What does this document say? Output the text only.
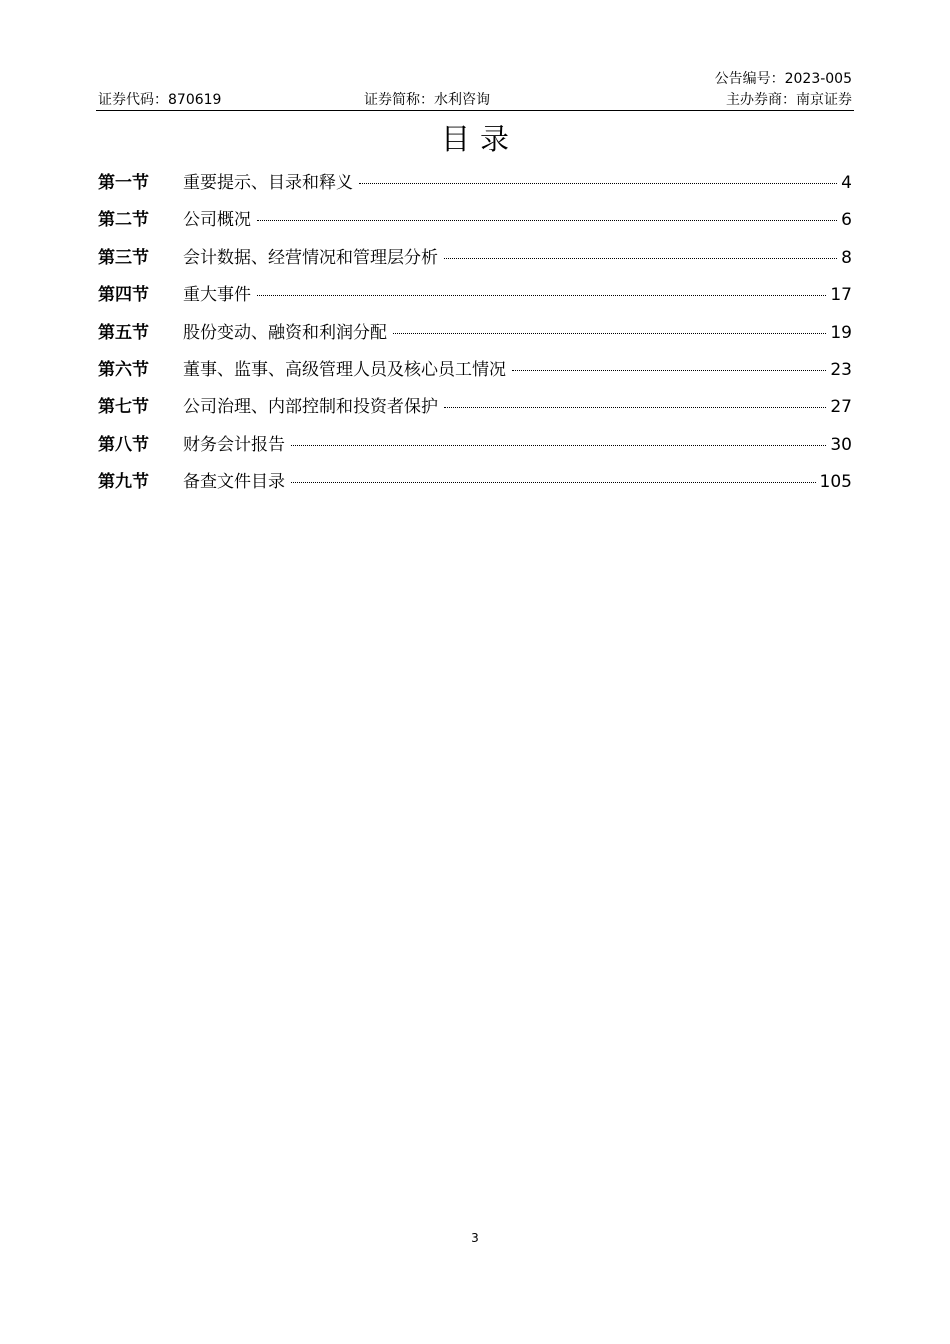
公告编号：2023-005
证券代码：870619	证券简称：水利咨询	主办券商：南京证券
目录
第一节	重要提示、目录和释义	4
第二节	公司概况	6
第三节	会计数据、经营情况和管理层分析	8
第四节	重大事件	17
第五节	股份变动、融资和利润分配	19
第六节	董事、监事、高级管理人员及核心员工情况	23
第七节	公司治理、内部控制和投资者保护	27
第八节	财务会计报告	30
第九节	备查文件目录	105
3
